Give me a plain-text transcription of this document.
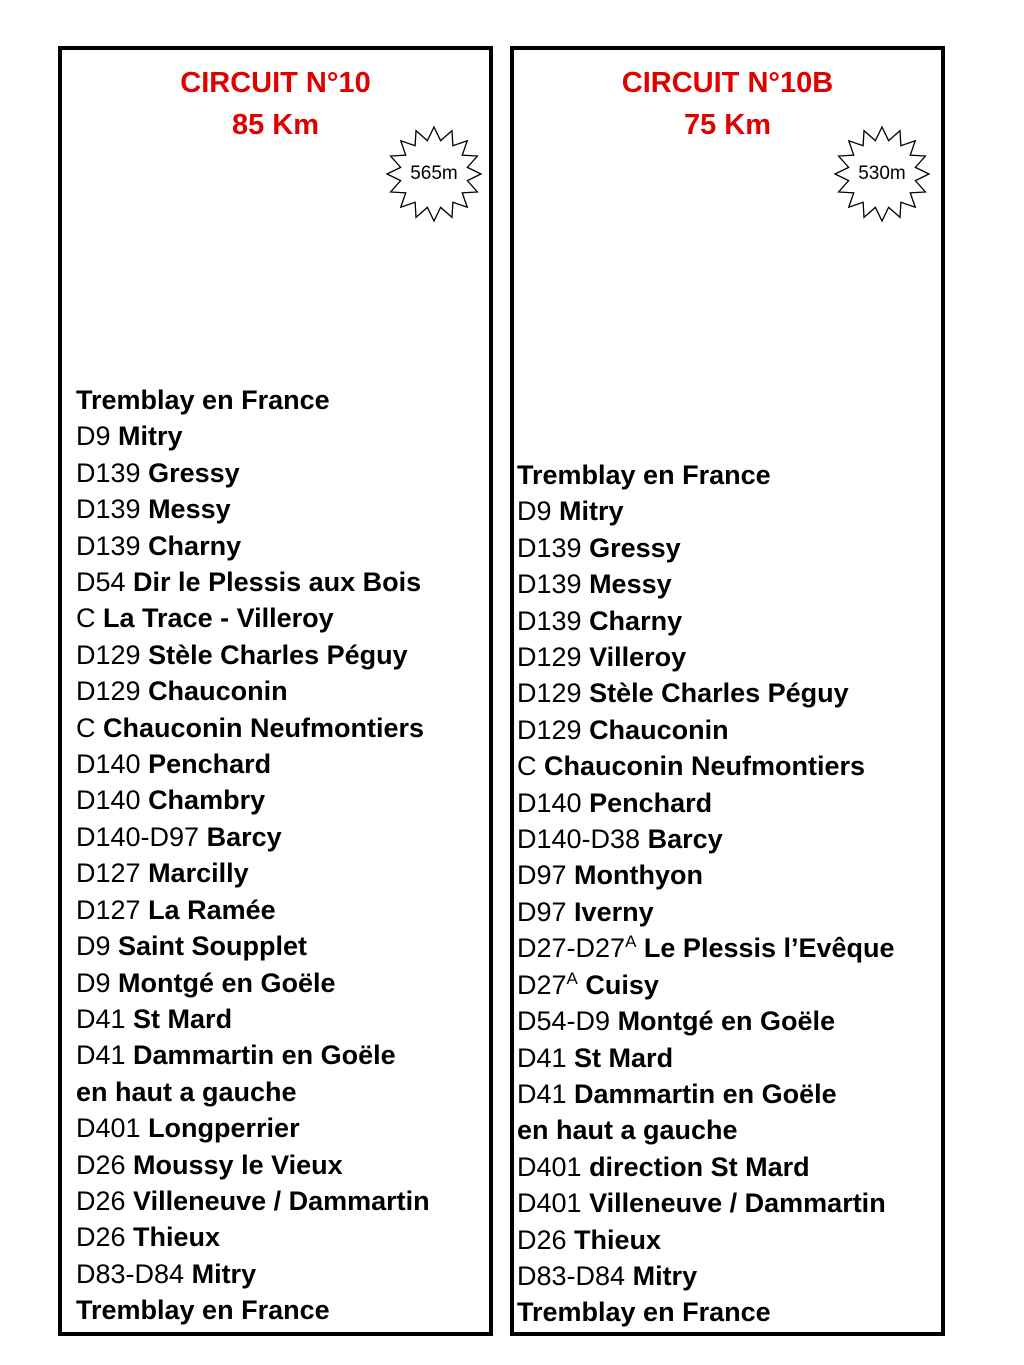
CIRCUIT N°10
85 Km
565m
Tremblay en France
D9 Mitry
D139 Gressy
D139 Messy
D139 Charny
D54 Dir le Plessis aux Bois
C La Trace - Villeroy
D129 Stèle Charles Péguy
D129 Chauconin
C Chauconin Neufmontiers
D140 Penchard
D140 Chambry
D140-D97 Barcy
D127 Marcilly
D127 La Ramée
D9 Saint Soupplet
D9 Montgé en Goële
D41 St Mard
D41 Dammartin en Goële
en haut a gauche
D401 Longperrier
D26 Moussy le Vieux
D26 Villeneuve / Dammartin
D26 Thieux
D83-D84 Mitry
Tremblay en France
CIRCUIT N°10B
75 Km
530m
Tremblay en France
D9 Mitry
D139 Gressy
D139 Messy
D139 Charny
D129 Villeroy
D129 Stèle Charles Péguy
D129 Chauconin
C Chauconin Neufmontiers
D140 Penchard
D140-D38 Barcy
D97 Monthyon
D97 Iverny
$D27-D27^A$ Le Plessis l’Evêque
$D27^A$ Cuisy
D54-D9 Montgé en Goële
D41 St Mard
D41 Dammartin en Goële
en haut a gauche
D401 direction St Mard
D401 Villeneuve / Dammartin
D26 Thieux
D83-D84 Mitry
Tremblay en France
